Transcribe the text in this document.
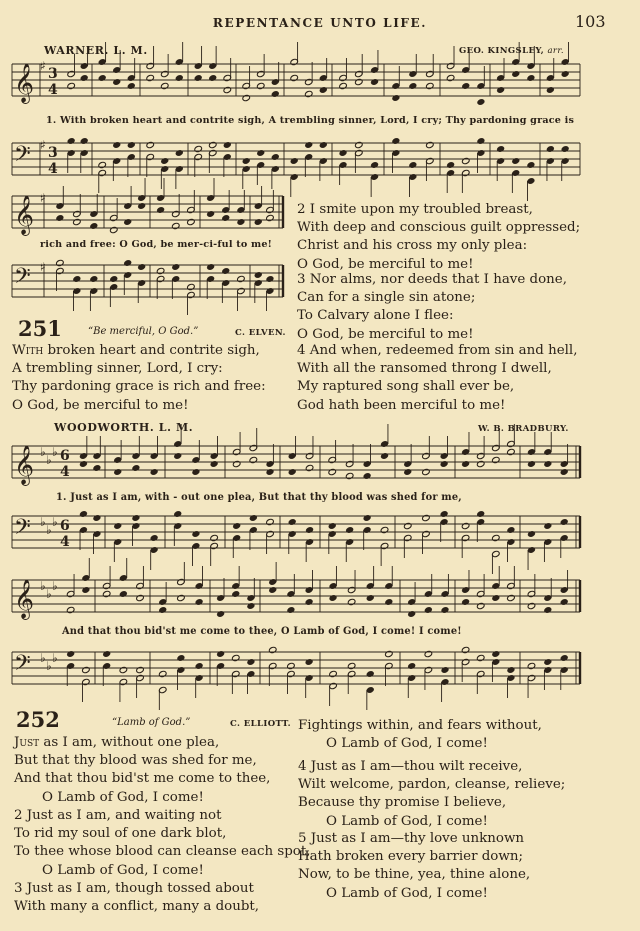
𝄞 ♯ 3
4
𝄢 ♯ 3
4
𝄞 ♯
𝄢 ♯
𝄞 ♭
♭
♭ 6
4
𝄢 ♭
♭
♭ 6
4
𝄞 ♭
♭
♭
𝄢 ♭
♭
♭
REPENTANCE UNTO LIFE.	103
WARNER. L. M.	GEO. KINGSLEY, arr.
1. With broken heart and contrite sigh, A trembling sinner, Lord, I cry; Thy pardoning grace is
rich and free: O God, be mer-ci-ful to me!
251	“Be merciful, O God.”	C. ELVEN.
With broken heart and contrite sigh,
A trembling sinner, Lord, I cry:
Thy pardoning grace is rich and free:
O God, be merciful to me!
2 I smite upon my troubled breast,
With deep and conscious guilt oppressed;
Christ and his cross my only plea:
O God, be merciful to me!
3 Nor alms, nor deeds that I have done,
Can for a single sin atone;
To Calvary alone I flee:
O God, be merciful to me!
4 And when, redeemed from sin and hell,
With all the ransomed throng I dwell,
My raptured song shall ever be,
God hath been merciful to me!
WOODWORTH. L. M.	W. B. BRADBURY.
1. Just as I am, with - out one plea, But that thy blood was shed for me,
And that thou bid'st me come to thee, O Lamb of God, I come! I come!
252	“Lamb of God.”	C. ELLIOTT.
Just as I am, without one plea,
But that thy blood was shed for me,
And that thou bid'st me come to thee,
O Lamb of God, I come!
2 Just as I am, and waiting not
To rid my soul of one dark blot,
To thee whose blood can cleanse each spot,
O Lamb of God, I come!
3 Just as I am, though tossed about
With many a conflict, many a doubt,
Fightings within, and fears without,
O Lamb of God, I come!
4 Just as I am—thou wilt receive,
Wilt welcome, pardon, cleanse, relieve;
Because thy promise I believe,
O Lamb of God, I come!
5 Just as I am—thy love unknown
Hath broken every barrier down;
Now, to be thine, yea, thine alone,
O Lamb of God, I come!
